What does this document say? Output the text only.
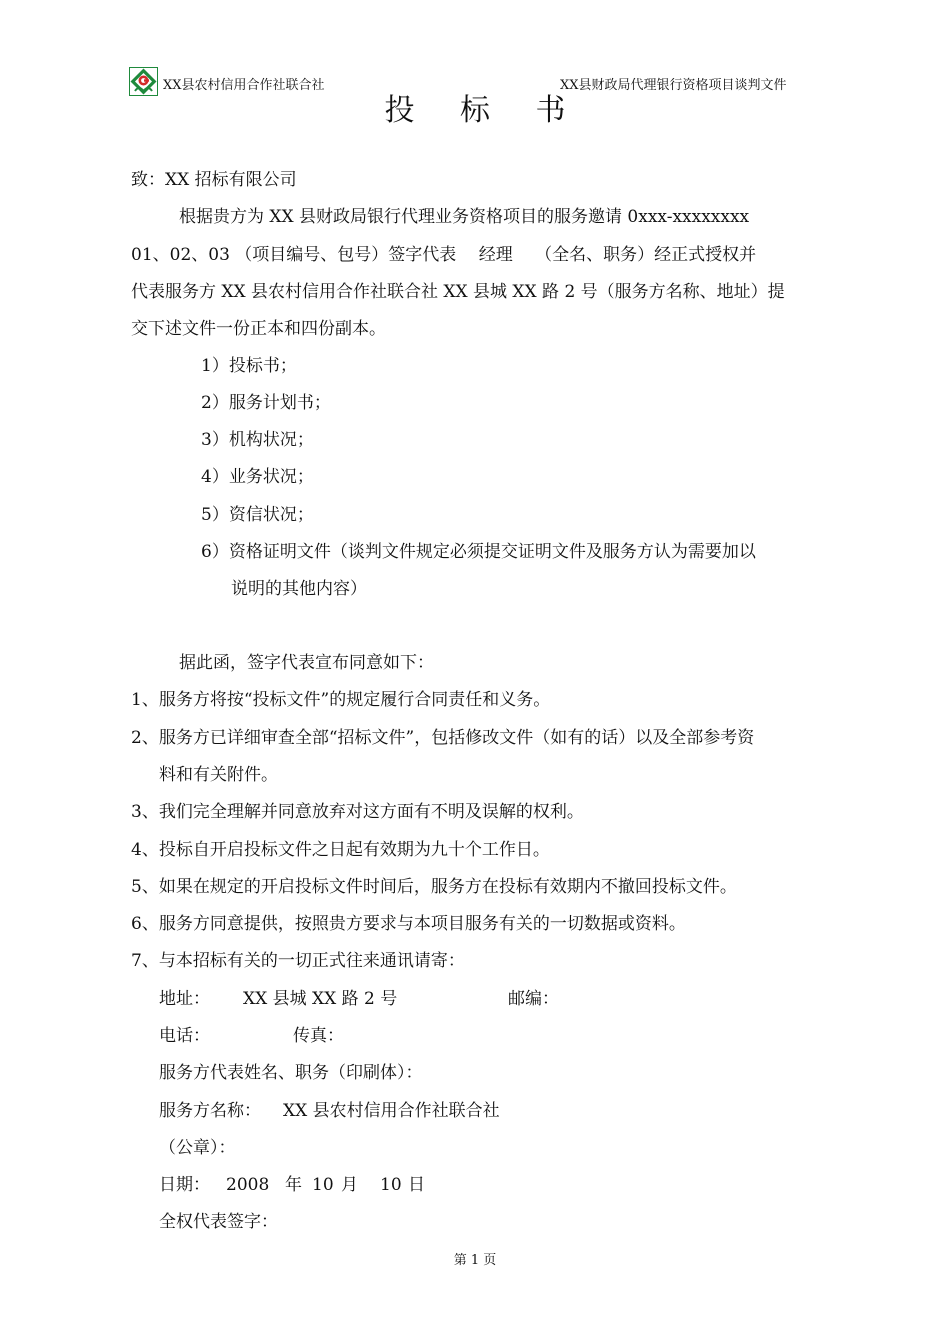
XX县农村信用合作社联合社	XX县财政局代理银行资格项目谈判文件
投 标 书
致：XX 招标有限公司
根据贵方为 XX 县财政局银行代理业务资格项目的服务邀请 0xxx-xxxxxxxx
01、02、03 （项目编号、包号）签字代表　 经理　 （全名、职务）经正式授权并
代表服务方 XX 县农村信用合作社联合社 XX 县城 XX 路 2 号（服务方名称、地址）提
交下述文件一份正本和四份副本。
1）投标书；
2）服务计划书；
3）机构状况；
4）业务状况；
5）资信状况；
6）资格证明文件（谈判文件规定必须提交证明文件及服务方认为需要加以
说明的其他内容）
据此函，签字代表宣布同意如下：
1、服务方将按“投标文件”的规定履行合同责任和义务。
2、服务方已详细审查全部“招标文件”，包括修改文件（如有的话）以及全部参考资
料和有关附件。
3、我们完全理解并同意放弃对这方面有不明及误解的权利。
4、投标自开启投标文件之日起有效期为九十个工作日。
5、如果在规定的开启投标文件时间后，服务方在投标有效期内不撤回投标文件。
6、服务方同意提供，按照贵方要求与本项目服务有关的一切数据或资料。
7、与本招标有关的一切正式往来通讯请寄：
地址： XX 县城 XX 路 2 号	邮编：
电话：	传真：
服务方代表姓名、职务（印刷体）：
服务方名称： XX 县农村信用合作社联合社
（公章）：
日期： 2008 年 10 月 10 日
全权代表签字：
第 1 页
